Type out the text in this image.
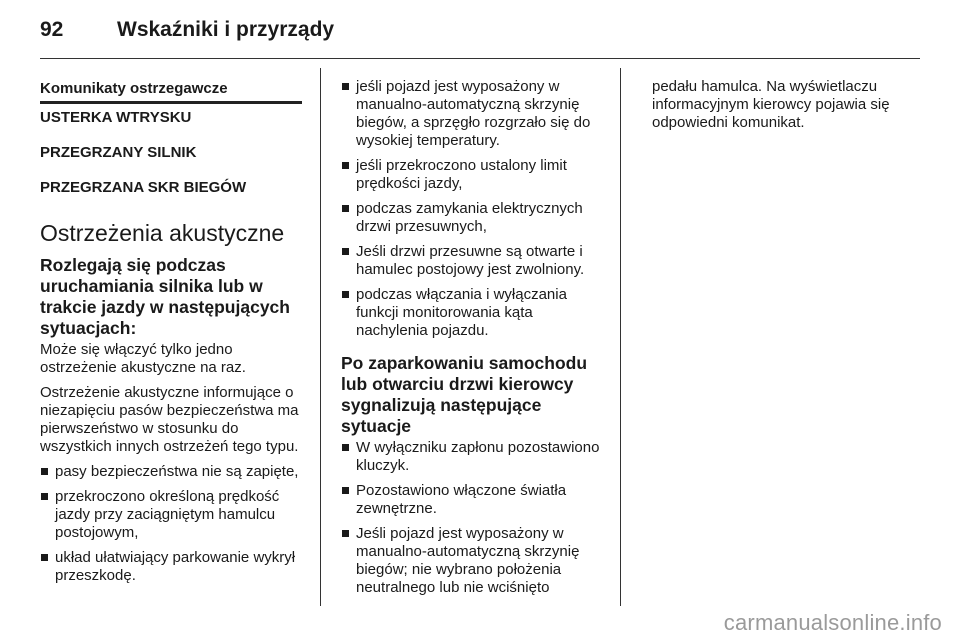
92	Wskaźniki i przyrządy
Komunikaty ostrzegawcze
USTERKA WTRYSKU
PRZEGRZANY SILNIK
PRZEGRZANA SKR BIEGÓW
Ostrzeżenia akustyczne
Rozlegają się podczas uruchamiania silnika lub w trakcie jazdy w następujących sytuacjach:
Może się włączyć tylko jedno ostrzeżenie akustyczne na raz.
Ostrzeżenie akustyczne informujące o niezapięciu pasów bezpieczeństwa ma pierwszeństwo w stosunku do wszystkich innych ostrzeżeń tego typu.
pasy bezpieczeństwa nie są zapięte,
przekroczono określoną prędkość jazdy przy zaciągniętym hamulcu postojowym,
układ ułatwiający parkowanie wykrył przeszkodę.
jeśli pojazd jest wyposażony w manualno-automatyczną skrzynię biegów, a sprzęgło rozgrzało się do wysokiej temperatury.
jeśli przekroczono ustalony limit prędkości jazdy,
podczas zamykania elektrycznych drzwi przesuwnych,
Jeśli drzwi przesuwne są otwarte i hamulec postojowy jest zwolniony.
podczas włączania i wyłączania funkcji monitorowania kąta nachylenia pojazdu.
Po zaparkowaniu samochodu lub otwarciu drzwi kierowcy sygnalizują następujące sytuacje
W wyłączniku zapłonu pozostawiono kluczyk.
Pozostawiono włączone światła zewnętrzne.
Jeśli pojazd jest wyposażony w manualno-automatyczną skrzynię biegów; nie wybrano położenia neutralnego lub nie wciśnięto
pedału hamulca. Na wyświetlaczu informacyjnym kierowcy pojawia się odpowiedni komunikat.
carmanualsonline.info
